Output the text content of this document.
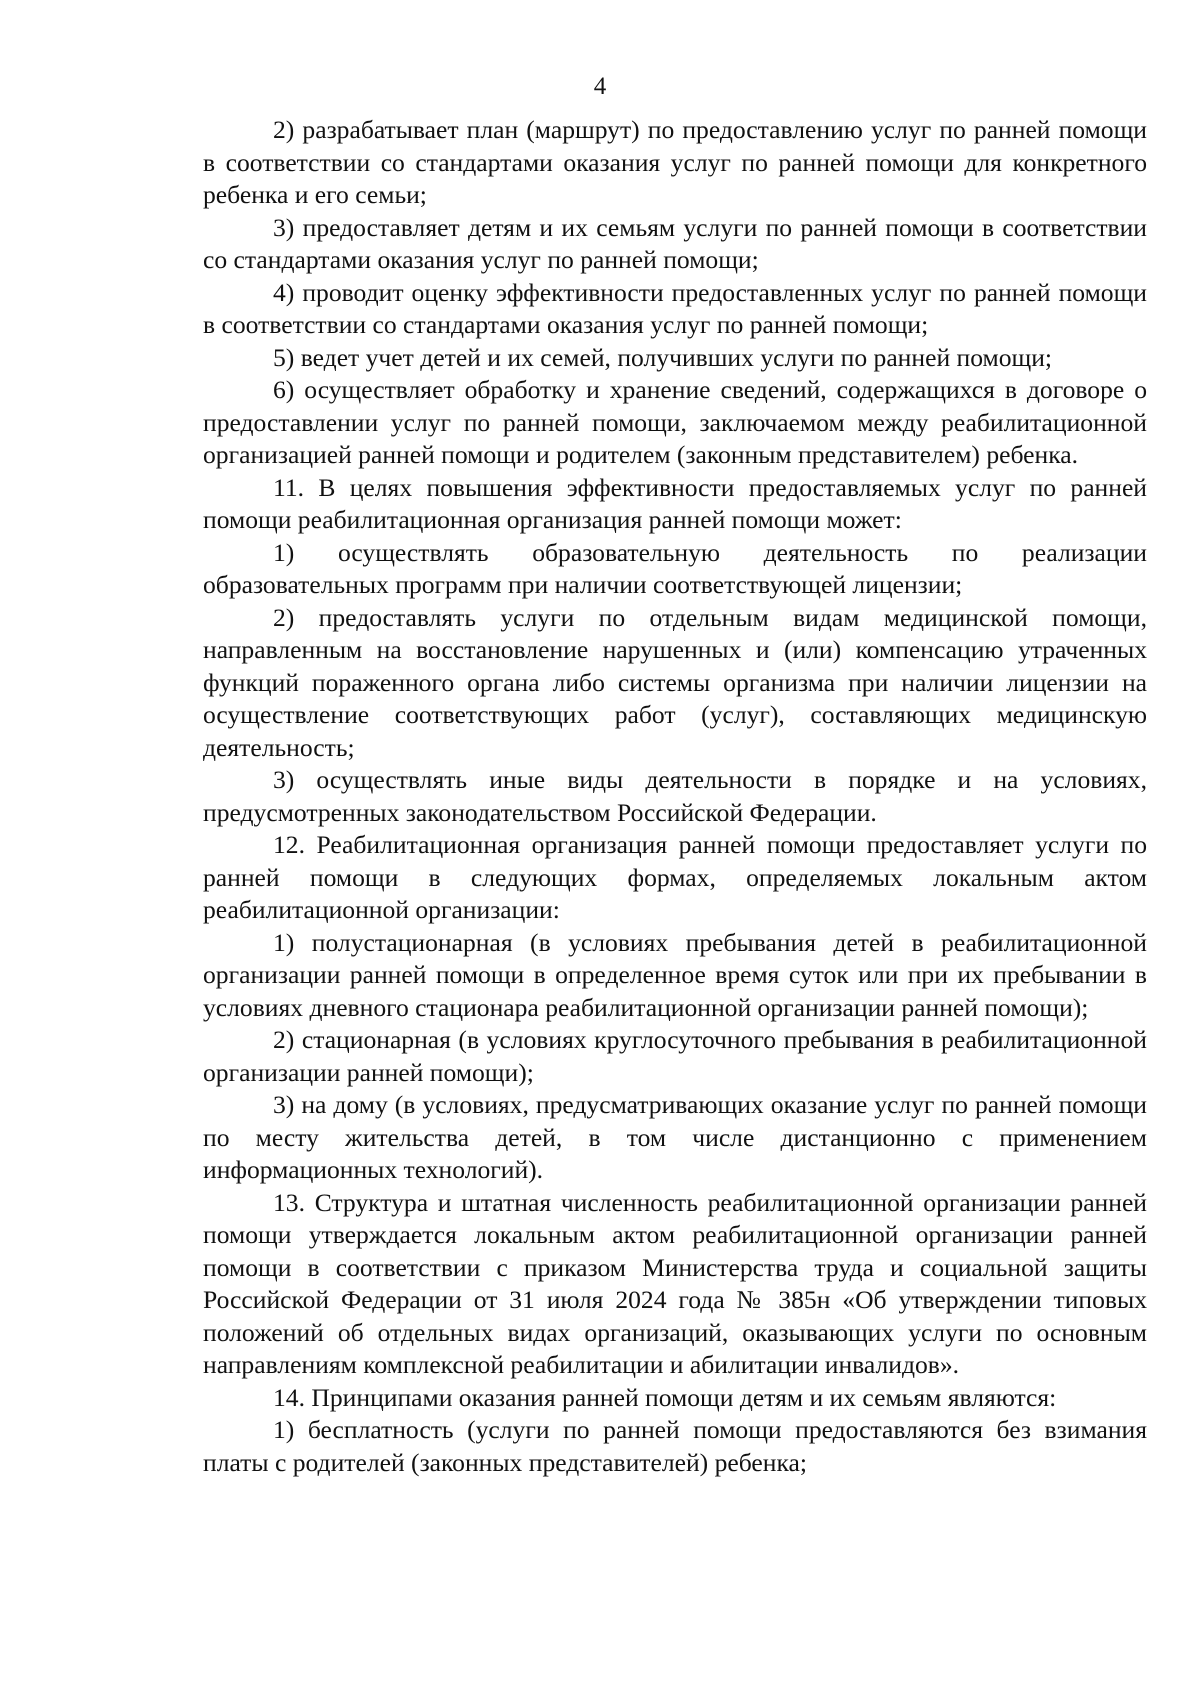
4

2) разрабатывает план (маршрут) по предоставлению услуг по ранней помощи в соответствии со стандартами оказания услуг по ранней помощи для конкретного ребенка и его семьи;

3) предоставляет детям и их семьям услуги по ранней помощи в соответствии со стандартами оказания услуг по ранней помощи;

4) проводит оценку эффективности предоставленных услуг по ранней помощи в соответствии со стандартами оказания услуг по ранней помощи;

5) ведет учет детей и их семей, получивших услуги по ранней помощи;

6) осуществляет обработку и хранение сведений, содержащихся в договоре о предоставлении услуг по ранней помощи, заключаемом между реабилитационной организацией ранней помощи и родителем (законным представителем) ребенка.

11. В целях повышения эффективности предоставляемых услуг по ранней помощи реабилитационная организация ранней помощи может:

1) осуществлять образовательную деятельность по реализации образовательных программ при наличии соответствующей лицензии;

2) предоставлять услуги по отдельным видам медицинской помощи, направленным на восстановление нарушенных и (или) компенсацию утраченных функций пораженного органа либо системы организма при наличии лицензии на осуществление соответствующих работ (услуг), составляющих медицинскую деятельность;

3) осуществлять иные виды деятельности в порядке и на условиях, предусмотренных законодательством Российской Федерации.

12. Реабилитационная организация ранней помощи предоставляет услуги по ранней помощи в следующих формах, определяемых локальным актом реабилитационной организации:

1) полустационарная (в условиях пребывания детей в реабилитационной организации ранней помощи в определенное время суток или при их пребывании в условиях дневного стационара реабилитационной организации ранней помощи);

2) стационарная (в условиях круглосуточного пребывания в реабилитационной организации ранней помощи);

3) на дому (в условиях, предусматривающих оказание услуг по ранней помощи по месту жительства детей, в том числе дистанционно с применением информационных технологий).

13. Структура и штатная численность реабилитационной организации ранней помощи утверждается локальным актом реабилитационной организации ранней помощи в соответствии с приказом Министерства труда и социальной защиты Российской Федерации от 31 июля 2024 года № 385н «Об утверждении типовых положений об отдельных видах организаций, оказывающих услуги по основным направлениям комплексной реабилитации и абилитации инвалидов».

14. Принципами оказания ранней помощи детям и их семьям являются:

1) бесплатность (услуги по ранней помощи предоставляются без взимания платы с родителей (законных представителей) ребенка;
